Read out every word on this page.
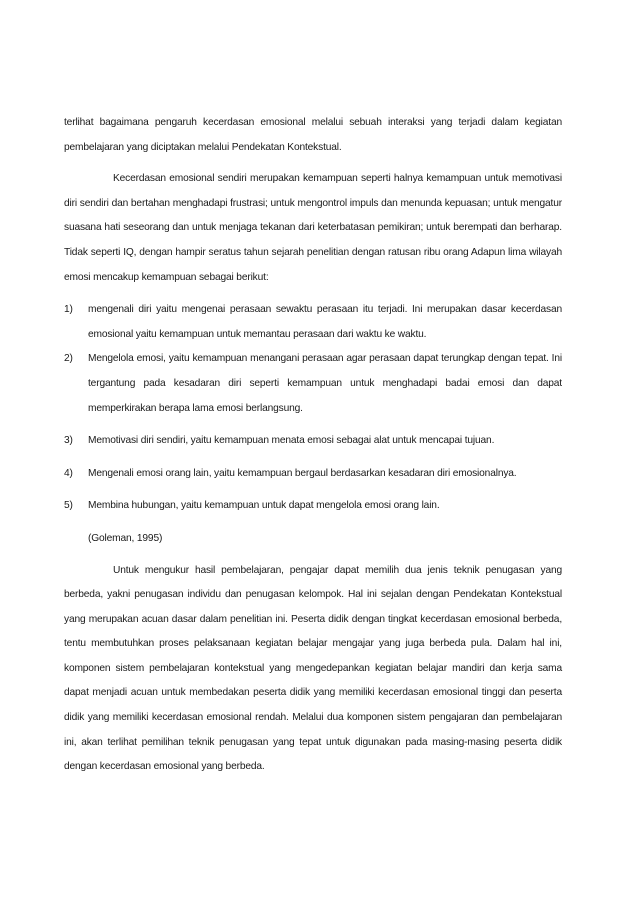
terlihat bagaimana pengaruh kecerdasan emosional melalui sebuah interaksi yang terjadi dalam kegiatan pembelajaran yang diciptakan melalui Pendekatan Kontekstual.

Kecerdasan emosional sendiri merupakan kemampuan seperti halnya kemampuan untuk memotivasi diri sendiri dan bertahan menghadapi frustrasi; untuk mengontrol impuls dan menunda kepuasan; untuk mengatur suasana hati seseorang dan untuk menjaga tekanan dari keterbatasan pemikiran; untuk berempati dan berharap. Tidak seperti IQ, dengan hampir seratus tahun sejarah penelitian dengan ratusan ribu orang Adapun lima wilayah emosi mencakup kemampuan sebagai berikut:

1) mengenali diri yaitu mengenai perasaan sewaktu perasaan itu terjadi. Ini merupakan dasar kecerdasan emosional yaitu kemampuan untuk memantau perasaan dari waktu ke waktu.
2) Mengelola emosi, yaitu kemampuan menangani perasaan agar perasaan dapat terungkap dengan tepat. Ini tergantung pada kesadaran diri seperti kemampuan untuk menghadapi badai emosi dan dapat memperkirakan berapa lama emosi berlangsung.
3) Memotivasi diri sendiri, yaitu kemampuan menata emosi sebagai alat untuk mencapai tujuan.
4) Mengenali emosi orang lain, yaitu kemampuan bergaul berdasarkan kesadaran diri emosionalnya.
5) Membina hubungan, yaitu kemampuan untuk dapat mengelola emosi orang lain.
(Goleman, 1995)

Untuk mengukur hasil pembelajaran, pengajar dapat memilih dua jenis teknik penugasan yang berbeda, yakni penugasan individu dan penugasan kelompok. Hal ini sejalan dengan Pendekatan Kontekstual yang merupakan acuan dasar dalam penelitian ini. Peserta didik dengan tingkat kecerdasan emosional berbeda, tentu membutuhkan proses pelaksanaan kegiatan belajar mengajar yang juga berbeda pula. Dalam hal ini, komponen sistem pembelajaran kontekstual yang mengedepankan kegiatan belajar mandiri dan kerja sama dapat menjadi acuan untuk membedakan peserta didik yang memiliki kecerdasan emosional tinggi dan peserta didik yang memiliki kecerdasan emosional rendah. Melalui dua komponen sistem pengajaran dan pembelajaran ini, akan terlihat pemilihan teknik penugasan yang tepat untuk digunakan pada masing-masing peserta didik dengan kecerdasan emosional yang berbeda.
